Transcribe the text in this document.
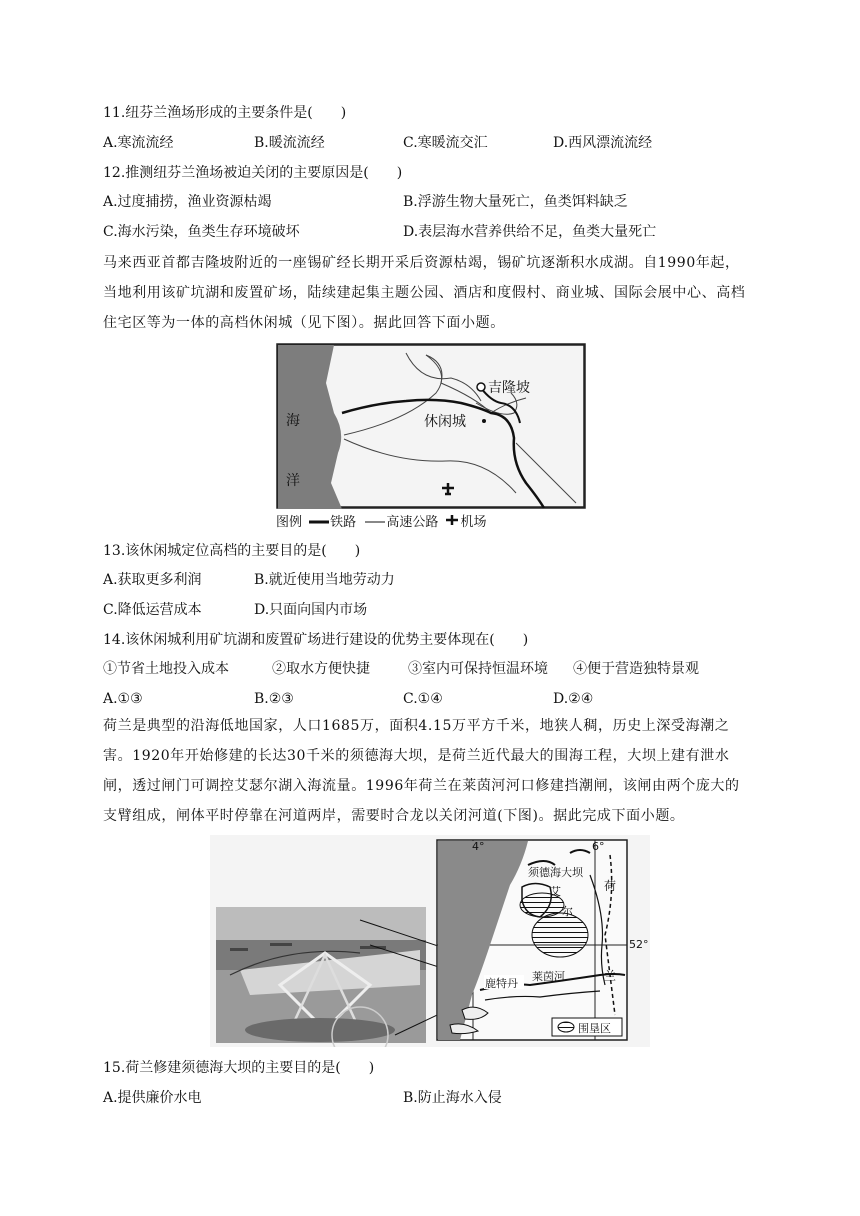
11.纽芬兰渔场形成的主要条件是(　　)
A.寒流流经	B.暖流流经	C.寒暖流交汇	D.西风漂流流经
12.推测纽芬兰渔场被迫关闭的主要原因是(　　)
A.过度捕捞，渔业资源枯竭	B.浮游生物大量死亡，鱼类饵料缺乏
C.海水污染，鱼类生存环境破坏	D.表层海水营养供给不足，鱼类大量死亡
马来西亚首都吉隆坡附近的一座锡矿经长期开采后资源枯竭，锡矿坑逐渐积水成湖。自1990年起，当地利用该矿坑湖和废置矿场，陆续建起集主题公园、酒店和度假村、商业城、国际会展中心、高档住宅区等为一体的高档休闲城（见下图）。据此回答下面小题。
海
洋
吉隆坡
休闲城
图例 铁路 高速公路 机场
13.该休闲城定位高档的主要目的是(　　)
A.获取更多利润	B.就近使用当地劳动力
C.降低运营成本	D.只面向国内市场
14.该休闲城利用矿坑湖和废置矿场进行建设的优势主要体现在(　　)
①节省土地投入成本	②取水方便快捷	③室内可保持恒温环境 ④便于营造独特景观
A.①③	B.②③	C.①④	D.②④
荷兰是典型的沿海低地国家，人口1685万，面积4.15万平方千米，地狭人稠，历史上深受海潮之害。1920年开始修建的长达30千米的须德海大坝，是荷兰近代最大的围海工程，大坝上建有泄水闸，透过闸门可调控艾瑟尔湖入海流量。1996年荷兰在莱茵河河口修建挡潮闸，该闸由两个庞大的支臂组成，闸体平时停靠在河道两岸，需要时合龙以关闭河道(下图)。据此完成下面小题。
4°	6°
52°
须德海大坝
艾
尔
荷
兰
鹿特丹
莱茵河
围垦区
15.荷兰修建须德海大坝的主要目的是(　　)
A.提供廉价水电	B.防止海水入侵
